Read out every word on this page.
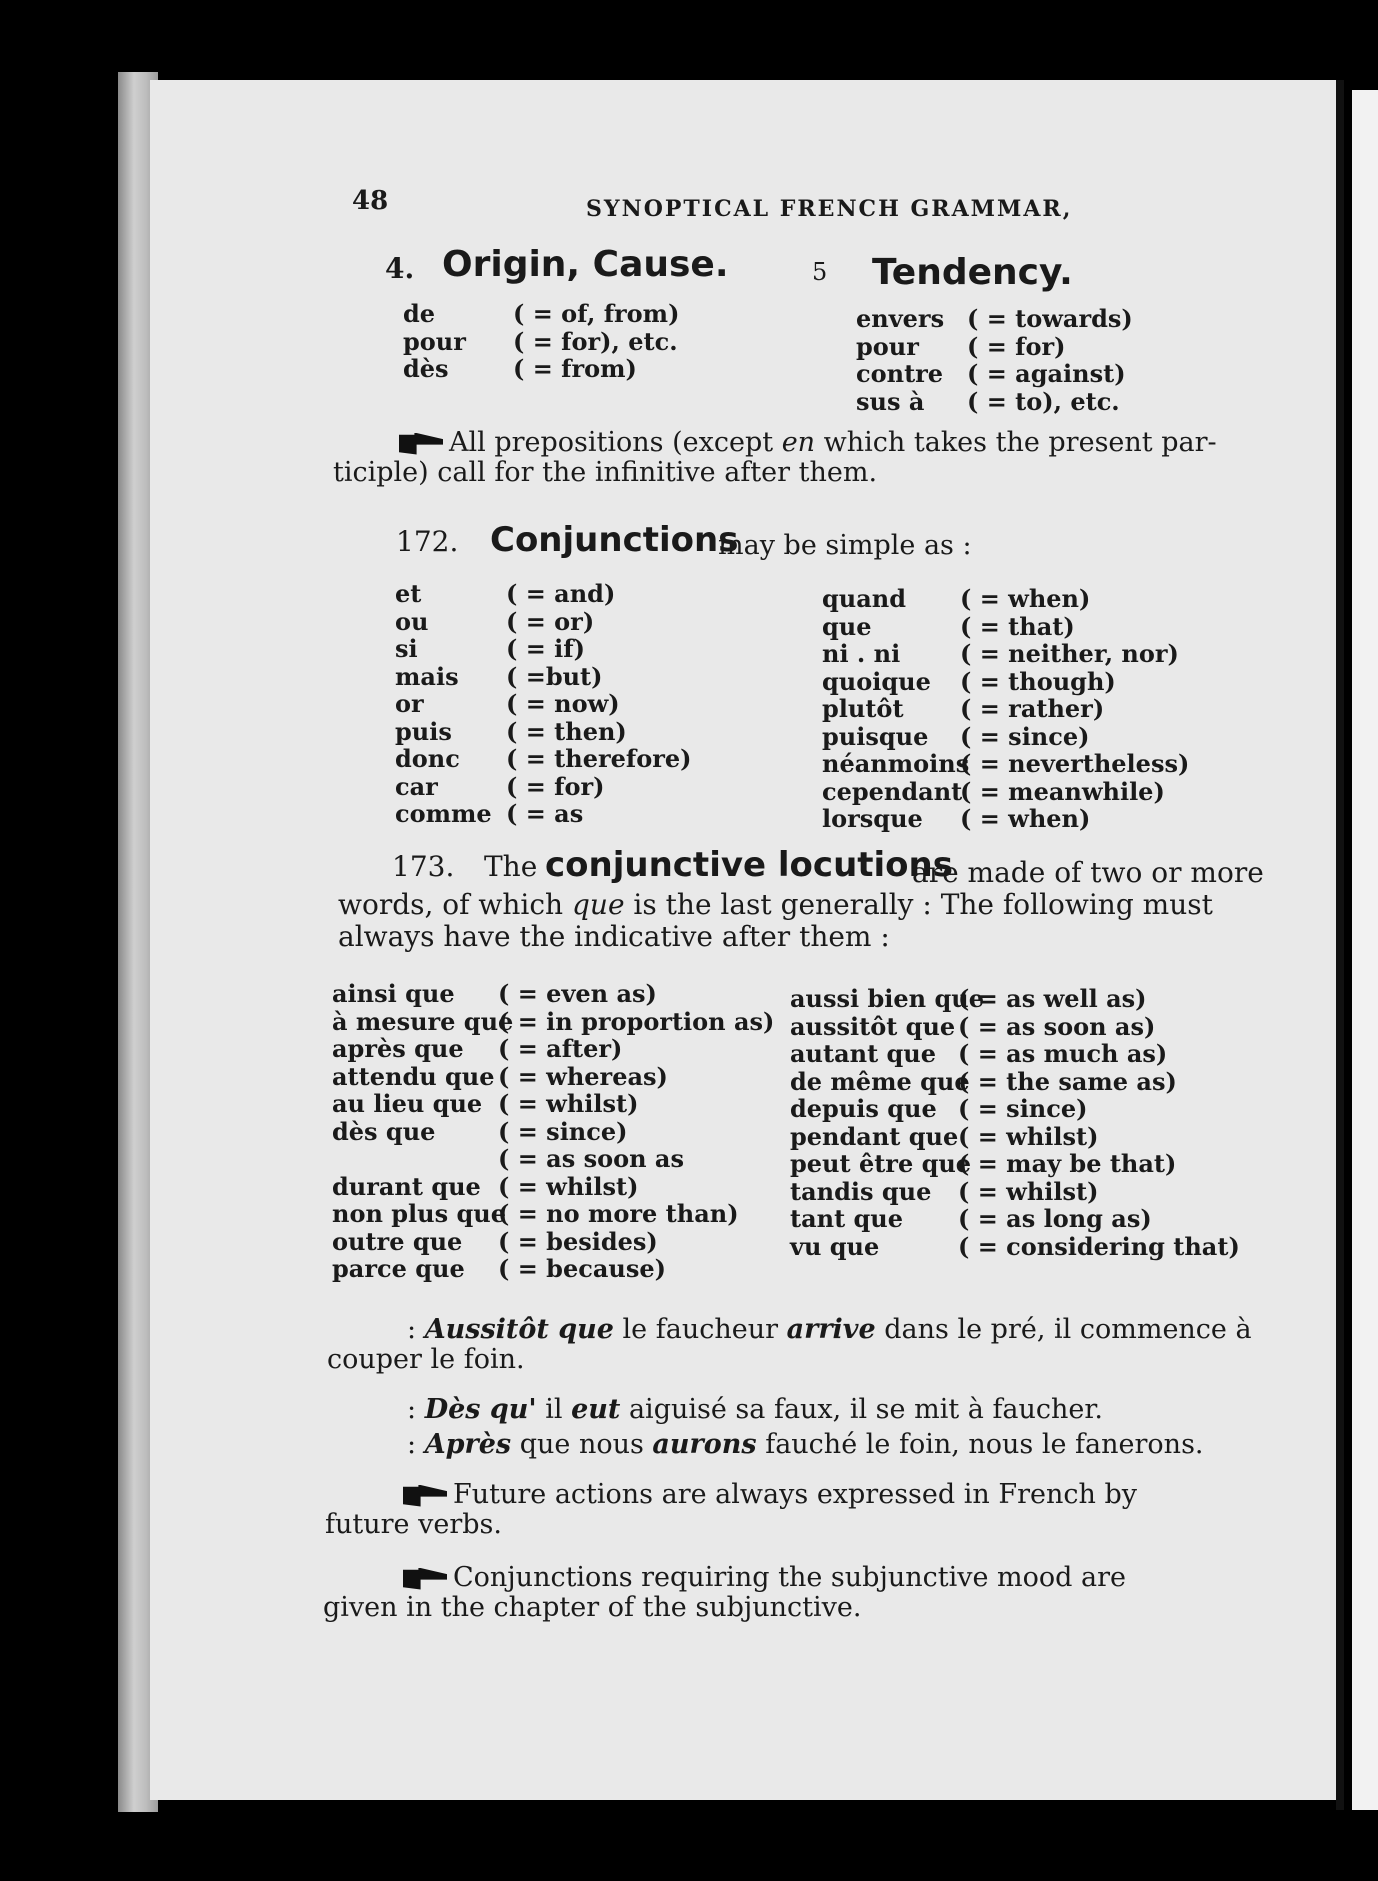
48	SYNOPTICAL FRENCH GRAMMAR,
4. Origin, Cause.
de
pour
dès
( = of, from)
( = for), etc.
( = from)
5 Tendency.
envers
pour
contre
sus à
( = towards)
( = for)
( = against)
( = to), etc.
All prepositions (except en which takes the present par-
ticiple) call for the infinitive after them.
172. Conjunctions
may be simple as :
et
ou
si
mais
or
puis
donc
car
comme
( = and)
( = or)
( = if)
( =but)
( = now)
( = then)
( = therefore)
( = for)
( = as
quand
que
ni . ni
quoique
plutôt
puisque
néanmoins
cependant
lorsque
( = when)
( = that)
( = neither, nor)
( = though)
( = rather)
( = since)
( = nevertheless)
( = meanwhile)
( = when)
173. The conjunctive locutions
are made of two or more
words, of which que is the last generally : The following must
always have the indicative after them :
ainsi que
à mesure que
après que
attendu que
au lieu que
dès que
durant que
non plus que
outre que
parce que
( = even as)
( = in proportion as)
( = after)
( = whereas)
( = whilst)
( = since)
( = as soon as
( = whilst)
( = no more than)
( = besides)
( = because)
aussi bien que
aussitôt que
autant que
de même que
depuis que
pendant que
peut être que
tandis que
tant que
vu que
( = as well as)
( = as soon as)
( = as much as)
( = the same as)
( = since)
( = whilst)
( = may be that)
( = whilst)
( = as long as)
( = considering that)
: Aussitôt que le faucheur arrive dans le pré, il commence à
couper le foin.
: Dès qu' il eut aiguisé sa faux, il se mit à faucher.
: Après que nous aurons fauché le foin, nous le fanerons.
Future actions are always expressed in French by
future verbs.
Conjunctions requiring the subjunctive mood are
given in the chapter of the subjunctive.
